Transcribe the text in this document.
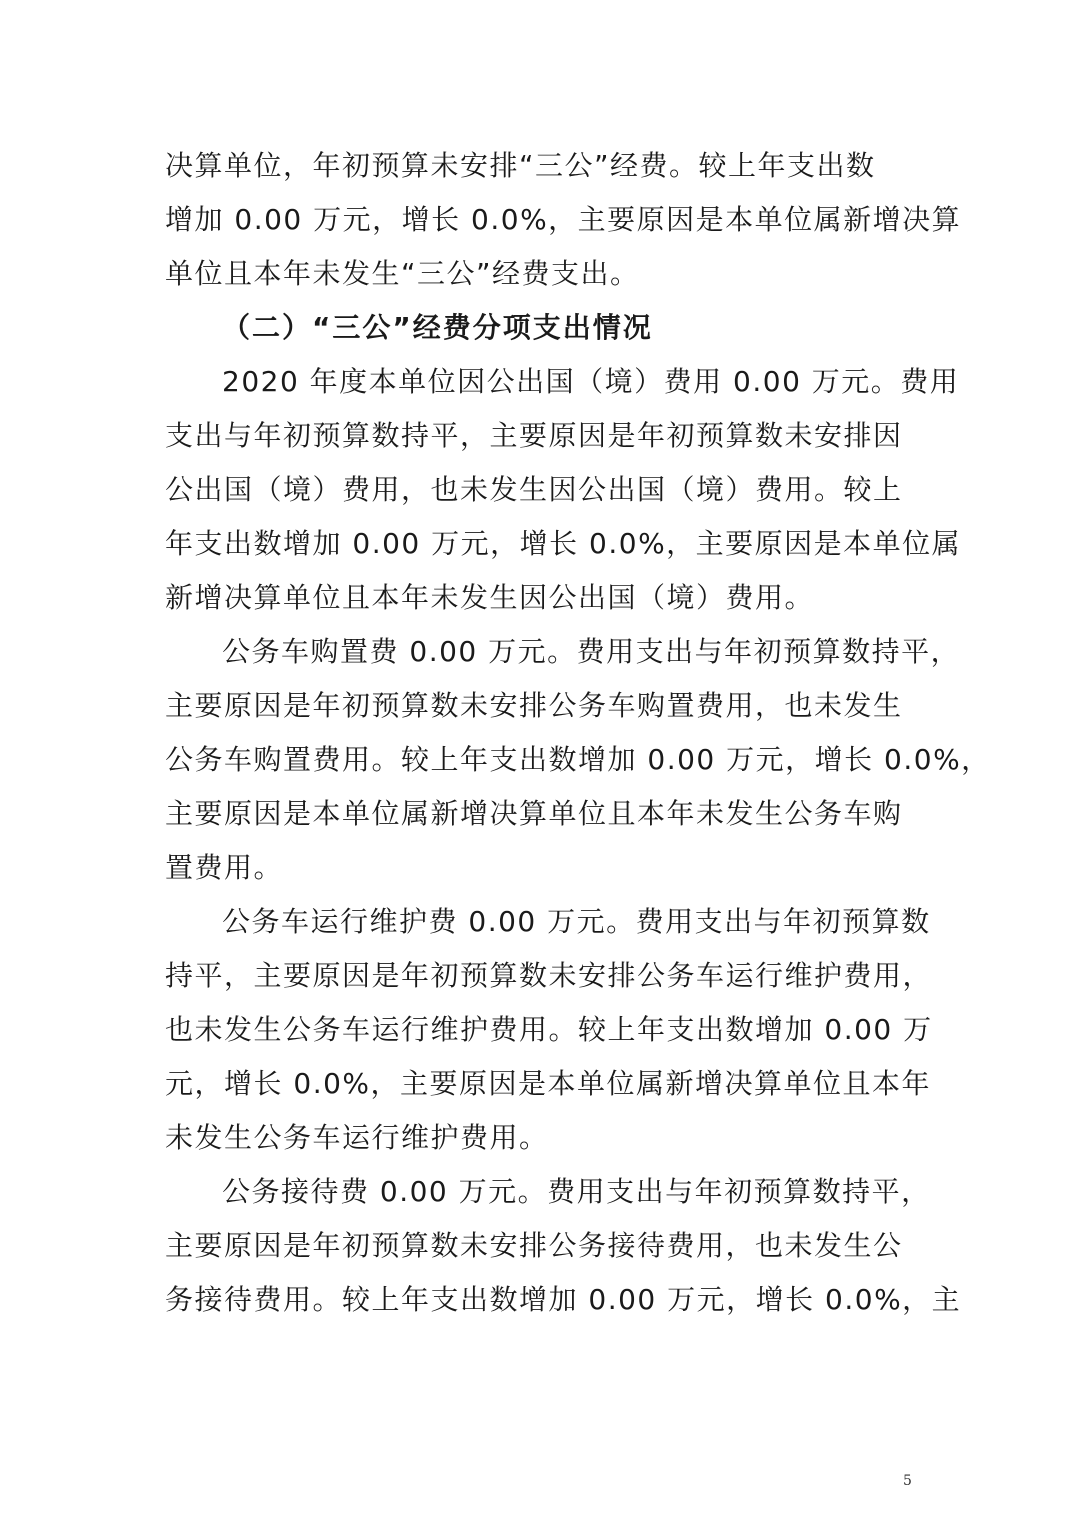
决算单位，年初预算未安排“三公”经费。较上年支出数
增加 0.00 万元，增长 0.0%，主要原因是本单位属新增决算
单位且本年未发生“三公”经费支出。
（二）“三公”经费分项支出情况
2020 年度本单位因公出国（境）费用 0.00 万元。费用
支出与年初预算数持平，主要原因是年初预算数未安排因
公出国（境）费用，也未发生因公出国（境）费用。较上
年支出数增加 0.00 万元，增长 0.0%，主要原因是本单位属
新增决算单位且本年未发生因公出国（境）费用。
公务车购置费 0.00 万元。费用支出与年初预算数持平，
主要原因是年初预算数未安排公务车购置费用，也未发生
公务车购置费用。较上年支出数增加 0.00 万元，增长 0.0%，
主要原因是本单位属新增决算单位且本年未发生公务车购
置费用。
公务车运行维护费 0.00 万元。费用支出与年初预算数
持平，主要原因是年初预算数未安排公务车运行维护费用，
也未发生公务车运行维护费用。较上年支出数增加 0.00 万
元，增长 0.0%，主要原因是本单位属新增决算单位且本年
未发生公务车运行维护费用。
公务接待费 0.00 万元。费用支出与年初预算数持平，
主要原因是年初预算数未安排公务接待费用，也未发生公
务接待费用。较上年支出数增加 0.00 万元，增长 0.0%，主
5
